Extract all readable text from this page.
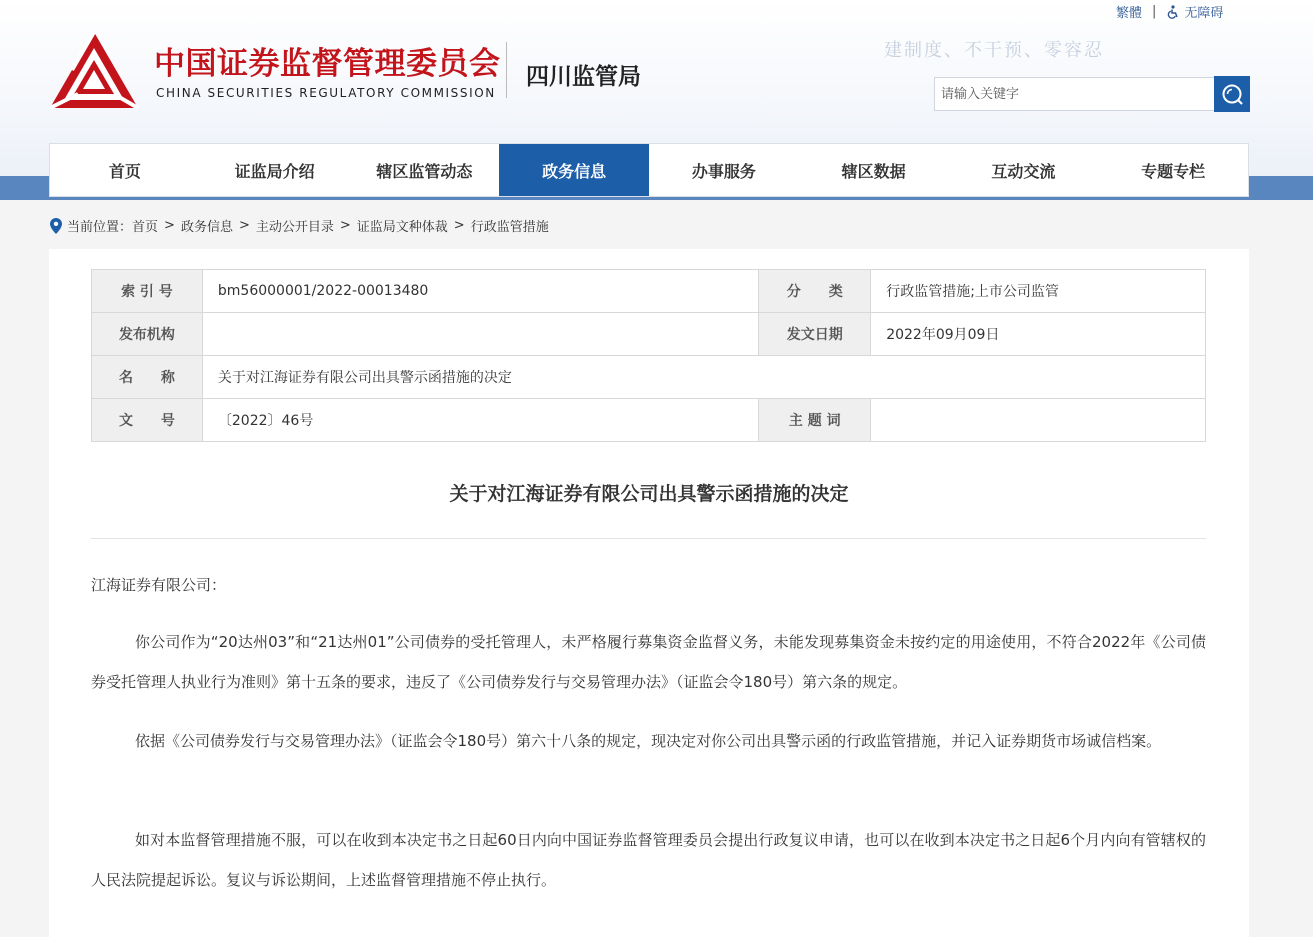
繁體 | 无障碍
中国证券监督管理委员会
CHINA SECURITIES REGULATORY COMMISSION
四川监管局
建制度、不干预、零容忍
请输入关键字
首页	证监局介绍	辖区监管动态	政务信息	办事服务	辖区数据	互动交流	专题专栏
当前位置： 首页 > 政务信息 > 主动公开目录 > 证监局文种体裁 > 行政监管措施
索 引 号	bm56000001/2022-00013480	分　　类	行政监管措施;上市公司监管
发布机构		发文日期	2022年09月09日
名　　称	关于对江海证券有限公司出具警示函措施的决定		
文　　号	〔2022〕46号	主 题 词	
关于对江海证券有限公司出具警示函措施的决定
江海证券有限公司：

你公司作为“20达州03”和“21达州01”公司债券的受托管理人，未严格履行募集资金监督义务，未能发现募集资金未按约定的用途使用，不符合2022年《公司债券受托管理人执业行为准则》第十五条的要求，违反了《公司债券发行与交易管理办法》（证监会令180号）第六条的规定。

依据《公司债券发行与交易管理办法》（证监会令180号）第六十八条的规定，现决定对你公司出具警示函的行政监管措施，并记入证券期货市场诚信档案。

如对本监督管理措施不服，可以在收到本决定书之日起60日内向中国证券监督管理委员会提出行政复议申请，也可以在收到本决定书之日起6个月内向有管辖权的人民法院提起诉讼。复议与诉讼期间，上述监督管理措施不停止执行。
